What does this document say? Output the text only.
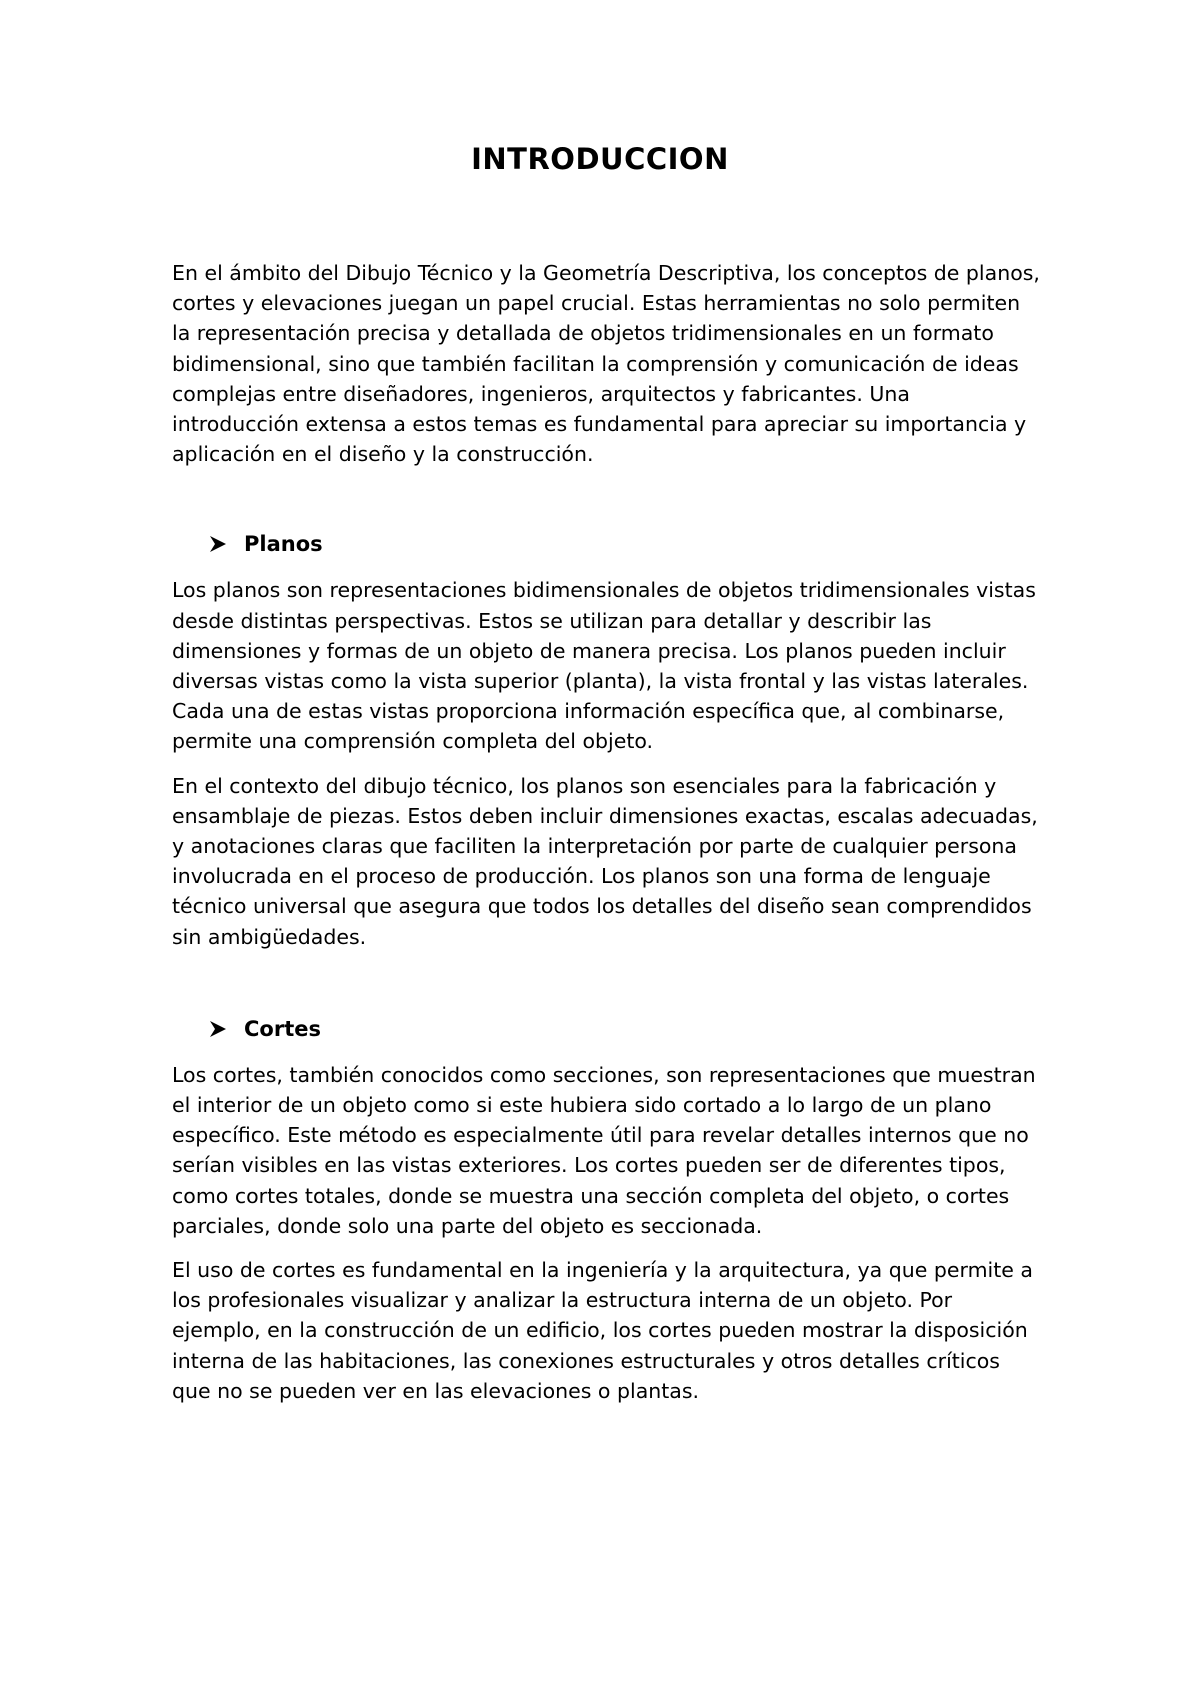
INTRODUCCION

En el ámbito del Dibujo Técnico y la Geometría Descriptiva, los conceptos de planos, cortes y elevaciones juegan un papel crucial. Estas herramientas no solo permiten la representación precisa y detallada de objetos tridimensionales en un formato bidimensional, sino que también facilitan la comprensión y comunicación de ideas complejas entre diseñadores, ingenieros, arquitectos y fabricantes. Una introducción extensa a estos temas es fundamental para apreciar su importancia y aplicación en el diseño y la construcción.

Planos

Los planos son representaciones bidimensionales de objetos tridimensionales vistas desde distintas perspectivas. Estos se utilizan para detallar y describir las dimensiones y formas de un objeto de manera precisa. Los planos pueden incluir diversas vistas como la vista superior (planta), la vista frontal y las vistas laterales. Cada una de estas vistas proporciona información específica que, al combinarse, permite una comprensión completa del objeto.

En el contexto del dibujo técnico, los planos son esenciales para la fabricación y ensamblaje de piezas. Estos deben incluir dimensiones exactas, escalas adecuadas, y anotaciones claras que faciliten la interpretación por parte de cualquier persona involucrada en el proceso de producción. Los planos son una forma de lenguaje técnico universal que asegura que todos los detalles del diseño sean comprendidos sin ambigüedades.

Cortes

Los cortes, también conocidos como secciones, son representaciones que muestran el interior de un objeto como si este hubiera sido cortado a lo largo de un plano específico. Este método es especialmente útil para revelar detalles internos que no serían visibles en las vistas exteriores. Los cortes pueden ser de diferentes tipos, como cortes totales, donde se muestra una sección completa del objeto, o cortes parciales, donde solo una parte del objeto es seccionada.

El uso de cortes es fundamental en la ingeniería y la arquitectura, ya que permite a los profesionales visualizar y analizar la estructura interna de un objeto. Por ejemplo, en la construcción de un edificio, los cortes pueden mostrar la disposición interna de las habitaciones, las conexiones estructurales y otros detalles críticos que no se pueden ver en las elevaciones o plantas.
